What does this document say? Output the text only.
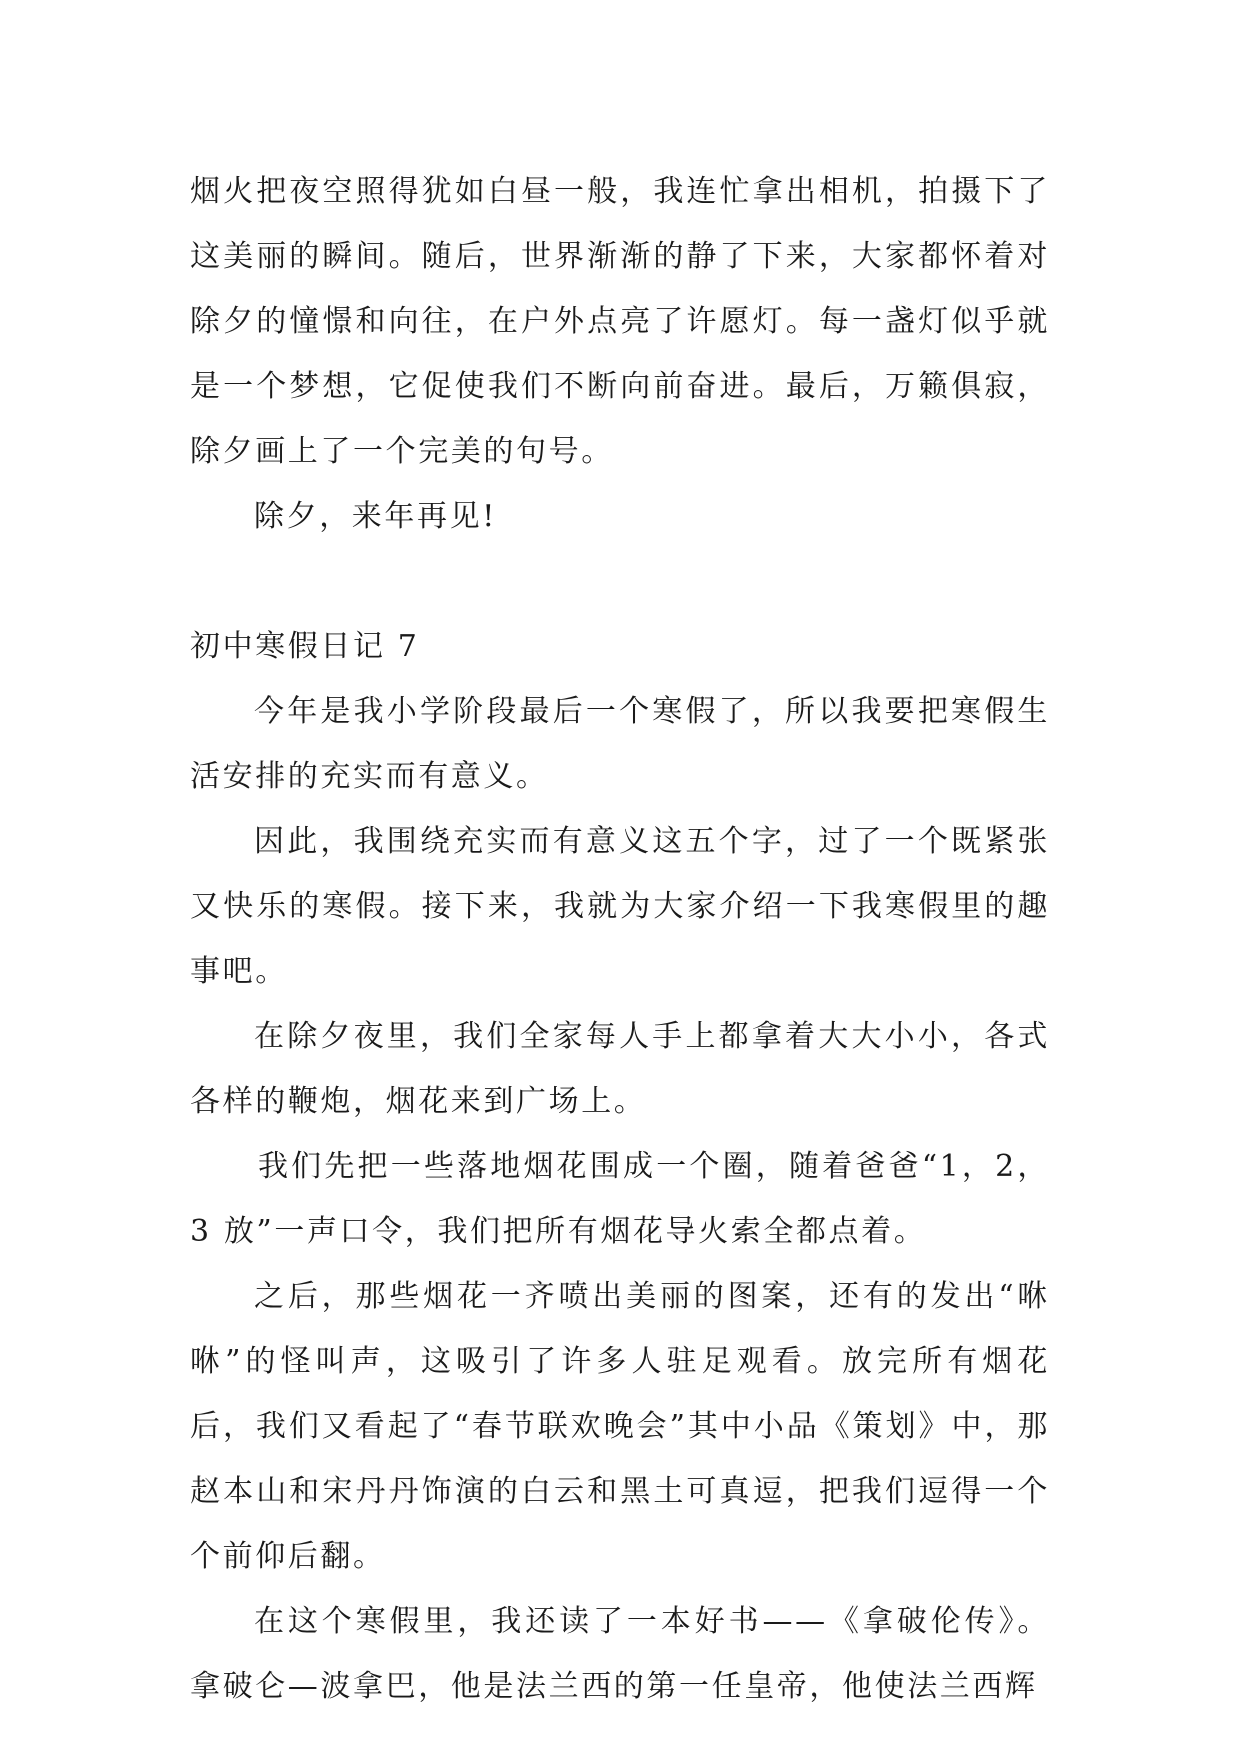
烟火把夜空照得犹如白昼一般，我连忙拿出相机，拍摄下了这美丽的瞬间。随后，世界渐渐的静了下来，大家都怀着对除夕的憧憬和向往，在户外点亮了许愿灯。每一盏灯似乎就是一个梦想，它促使我们不断向前奋进。最后，万籁俱寂，除夕画上了一个完美的句号。

除夕，来年再见!

初中寒假日记 7

今年是我小学阶段最后一个寒假了，所以我要把寒假生活安排的充实而有意义。

因此，我围绕充实而有意义这五个字，过了一个既紧张又快乐的寒假。接下来，我就为大家介绍一下我寒假里的趣事吧。

在除夕夜里，我们全家每人手上都拿着大大小小，各式各样的鞭炮，烟花来到广场上。

我们先把一些落地烟花围成一个圈，随着爸爸“1，2，3 放”一声口令，我们把所有烟花导火索全都点着。

之后，那些烟花一齐喷出美丽的图案，还有的发出“咻咻”的怪叫声，这吸引了许多人驻足观看。放完所有烟花后，我们又看起了“春节联欢晚会”其中小品《策划》中，那赵本山和宋丹丹饰演的白云和黑土可真逗，把我们逗得一个个前仰后翻。

在这个寒假里，我还读了一本好书——《拿破伦传》。拿破仑—波拿巴，他是法兰西的第一任皇帝，他使法兰西辉
